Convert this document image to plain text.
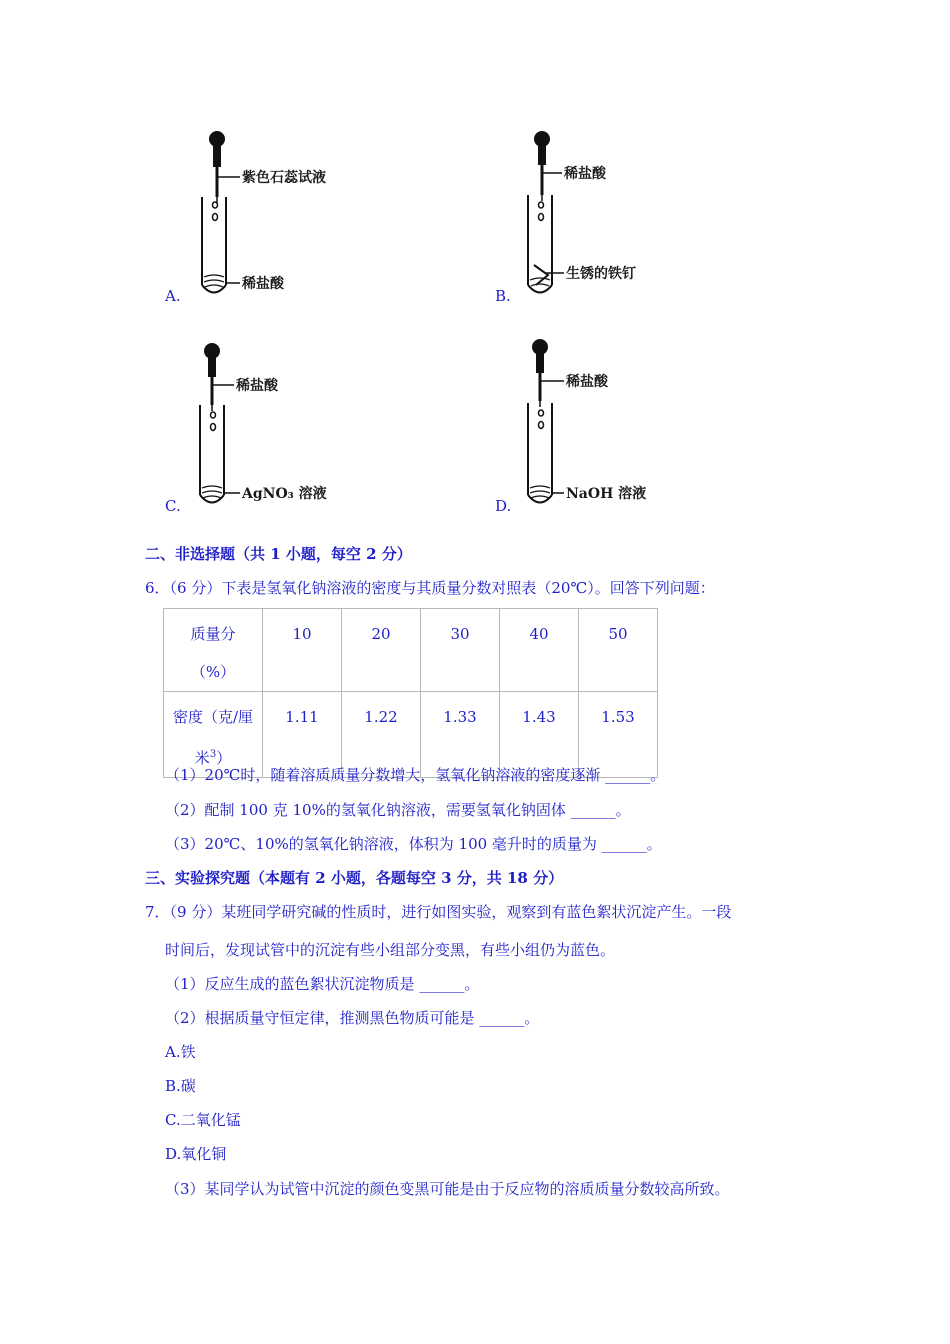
紫色石蕊试液
稀盐酸
A.
稀盐酸
生锈的铁钉
B.
稀盐酸
AgNO₃ 溶液
C.
稀盐酸
NaOH 溶液
D.
二、非选择题（共 1 小题，每空 2 分）
6．（6 分）下表是氢氧化钠溶液的密度与其质量分数对照表（20℃）。回答下列问题：
质量分
（%）	10	20	30	40	50

密度（克/厘
米$^3$）	1.11	1.22	1.33	1.43	1.53
（1）20℃时，随着溶质质量分数增大，氢氧化钠溶液的密度逐渐 ______。
（2）配制 100 克 10%的氢氧化钠溶液，需要氢氧化钠固体 ______。
（3）20℃、10%的氢氧化钠溶液，体积为 100 毫升时的质量为 ______。
三、实验探究题（本题有 2 小题，各题每空 3 分，共 18 分）
7．（9 分）某班同学研究碱的性质时，进行如图实验，观察到有蓝色絮状沉淀产生。一段
时间后，发现试管中的沉淀有些小组部分变黑，有些小组仍为蓝色。
（1）反应生成的蓝色絮状沉淀物质是 ______。
（2）根据质量守恒定律，推测黑色物质可能是 ______。
A.铁
B.碳
C.二氧化锰
D.氧化铜
（3）某同学认为试管中沉淀的颜色变黑可能是由于反应物的溶质质量分数较高所致。
